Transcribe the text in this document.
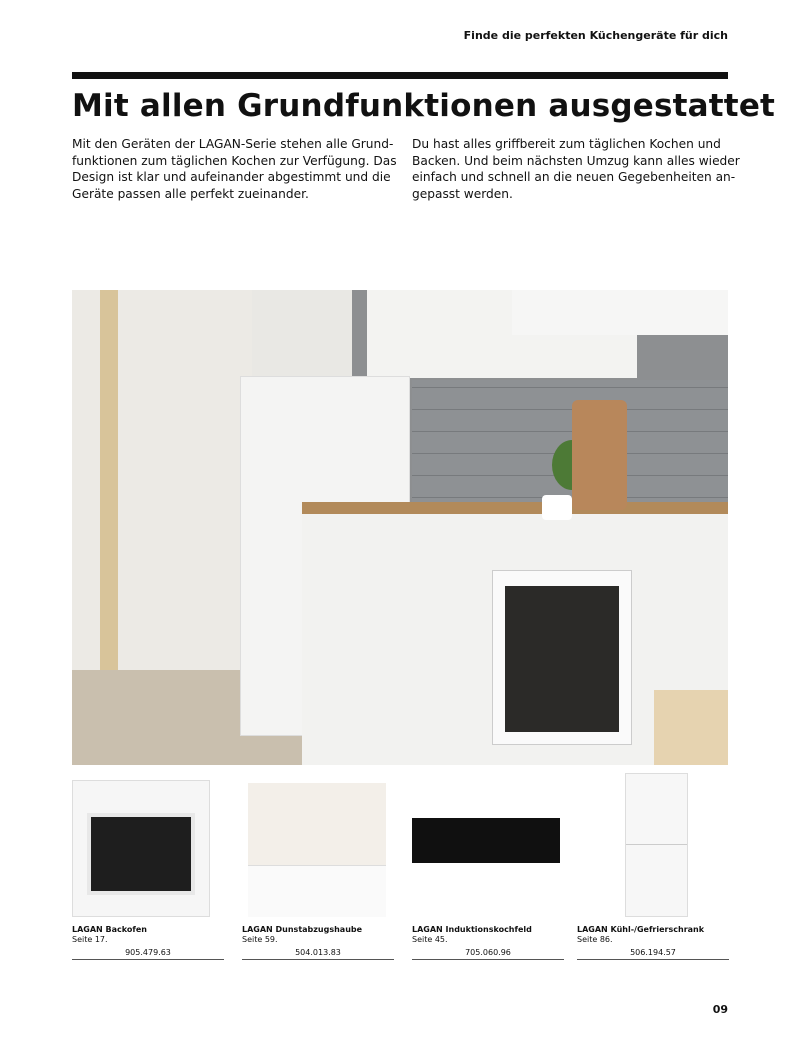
Finde die perfekten Küchengeräte für dich
Mit allen Grundfunktionen ausgestattet
Mit den Geräten der LAGAN-Serie stehen alle Grund-
funktionen zum täglichen Kochen zur Verfügung. Das
Design ist klar und aufeinander abgestimmt und die
Geräte passen alle perfekt zueinander.
Du hast alles griffbereit zum täglichen Kochen und
Backen. Und beim nächsten Umzug kann alles wieder
einfach und schnell an die neuen Gegebenheiten an-
gepasst werden.
LAGAN Backofen
Seite 17.
905.479.63
LAGAN Dunstabzugshaube
Seite 59.
504.013.83
LAGAN Induktionskochfeld
Seite 45.
705.060.96
LAGAN Kühl-/Gefrierschrank
Seite 86.
506.194.57
09
